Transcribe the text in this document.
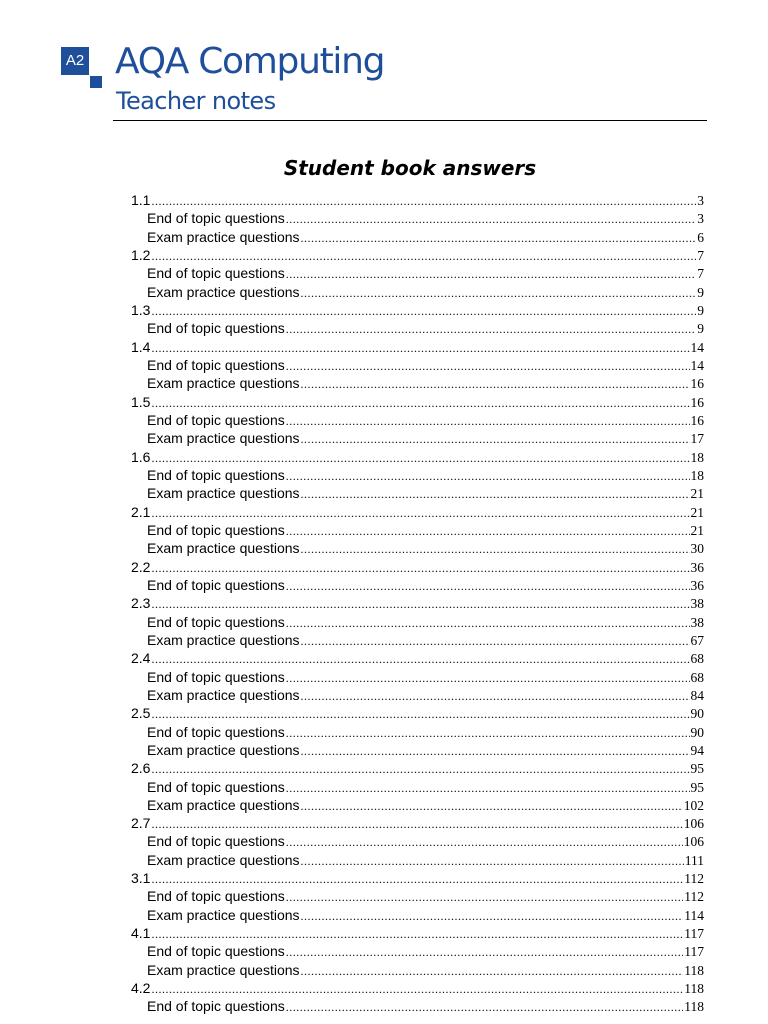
A2 AQA Computing
Teacher notes
Student book answers
1.1 .....	3
End of topic questions .....	3
Exam practice questions .....	6
1.2 .....	7
End of topic questions .....	7
Exam practice questions .....	9
1.3 .....	9
End of topic questions .....	9
1.4 .....	14
End of topic questions .....	14
Exam practice questions .....	16
1.5 .....	16
End of topic questions .....	16
Exam practice questions .....	17
1.6 .....	18
End of topic questions .....	18
Exam practice questions .....	21
2.1 .....	21
End of topic questions .....	21
Exam practice questions .....	30
2.2 .....	36
End of topic questions .....	36
2.3 .....	38
End of topic questions .....	38
Exam practice questions .....	67
2.4 .....	68
End of topic questions .....	68
Exam practice questions .....	84
2.5 .....	90
End of topic questions .....	90
Exam practice questions .....	94
2.6 .....	95
End of topic questions .....	95
Exam practice questions .....	102
2.7 .....	106
End of topic questions .....	106
Exam practice questions .....	111
3.1 .....	112
End of topic questions .....	112
Exam practice questions .....	114
4.1 .....	117
End of topic questions .....	117
Exam practice questions .....	118
4.2 .....	118
End of topic questions .....	118
